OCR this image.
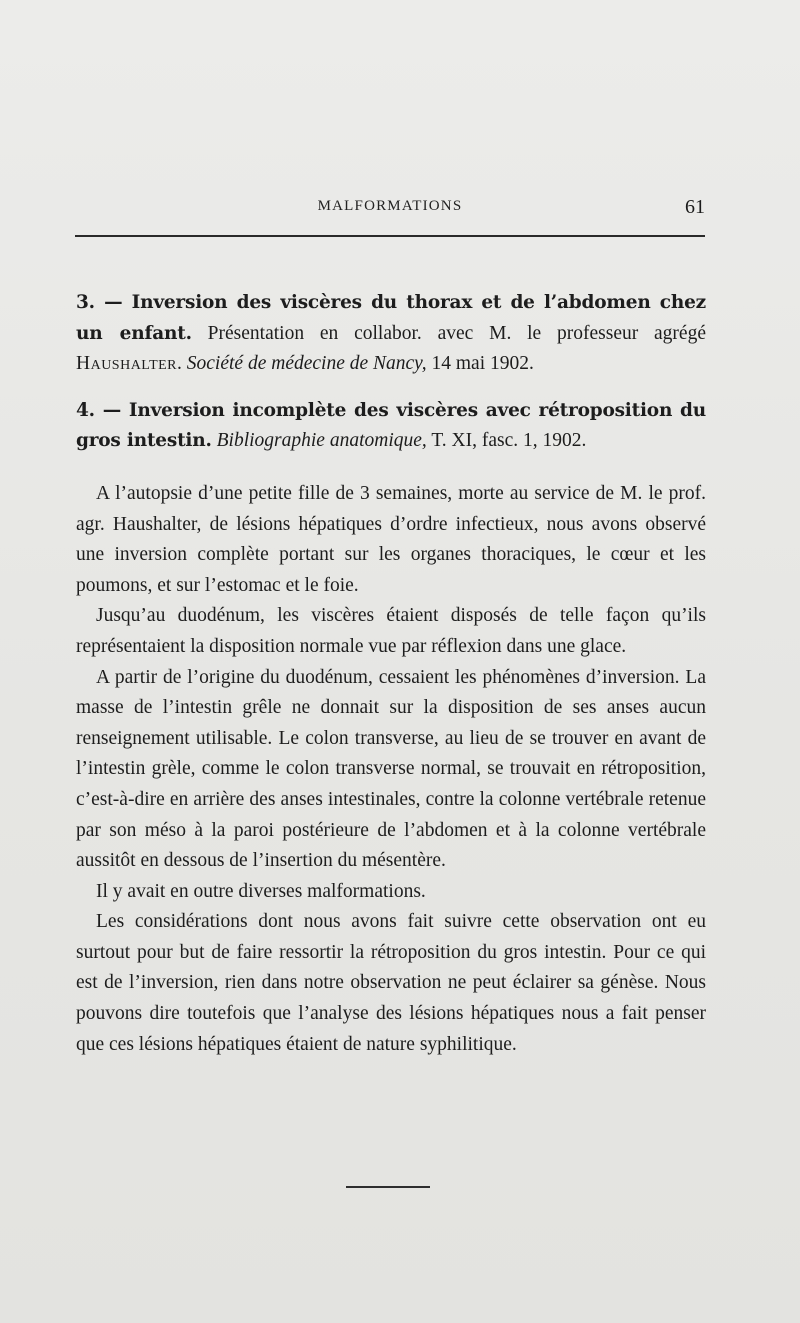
MALFORMATIONS	61

3. — Inversion des viscères du thorax et de l’abdomen chez un enfant. Présentation en collabor. avec M. le professeur agrégé Haushalter. Société de médecine de Nancy, 14 mai 1902.

4. — Inversion incomplète des viscères avec rétroposition du gros intestin. Bibliographie anatomique, T. XI, fasc. 1, 1902.

A l’autopsie d’une petite fille de 3 semaines, morte au service de M. le prof. agr. Haushalter, de lésions hépatiques d’ordre infectieux, nous avons observé une inversion complète portant sur les organes thoraciques, le cœur et les poumons, et sur l’estomac et le foie.

Jusqu’au duodénum, les viscères étaient disposés de telle façon qu’ils représentaient la disposition normale vue par réflexion dans une glace.

A partir de l’origine du duodénum, cessaient les phénomènes d’inversion. La masse de l’intestin grêle ne donnait sur la disposition de ses anses aucun renseignement utilisable. Le colon transverse, au lieu de se trouver en avant de l’intestin grèle, comme le colon transverse normal, se trouvait en rétroposition, c’est-à-dire en arrière des anses intestinales, contre la colonne vertébrale retenue par son méso à la paroi postérieure de l’abdomen et à la colonne vertébrale aussitôt en dessous de l’insertion du mésentère.

Il y avait en outre diverses malformations.

Les considérations dont nous avons fait suivre cette observation ont eu surtout pour but de faire ressortir la rétroposition du gros intestin. Pour ce qui est de l’inversion, rien dans notre observation ne peut éclairer sa génèse. Nous pouvons dire toutefois que l’analyse des lésions hépatiques nous a fait penser que ces lésions hépatiques étaient de nature syphilitique.
